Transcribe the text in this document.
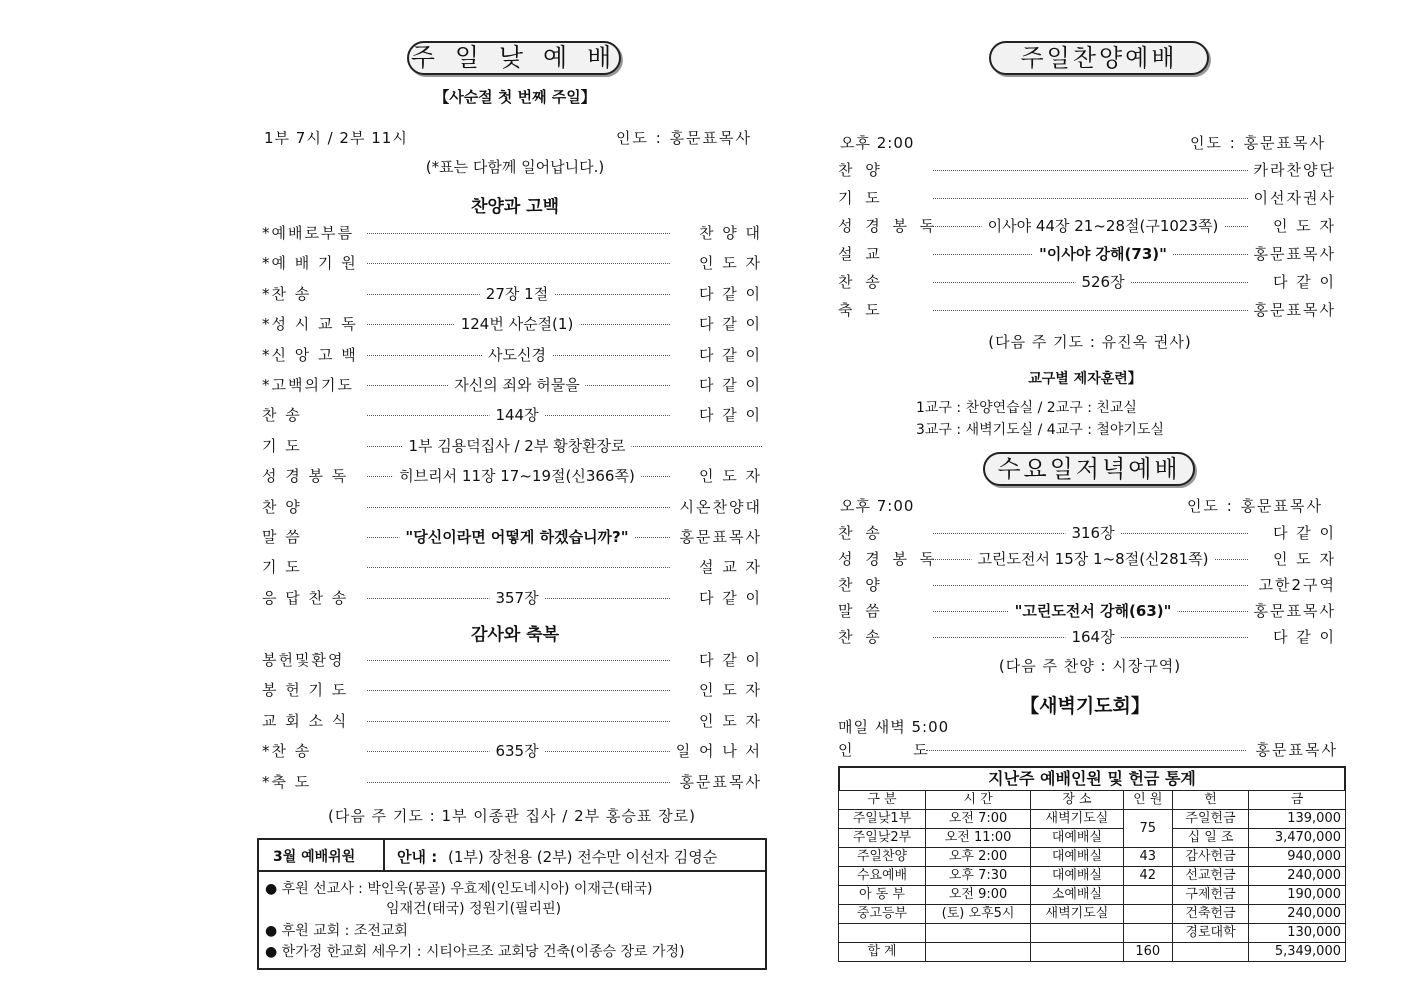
주 일 낮 예 배
【사순절 첫 번째 주일】
1부 7시 / 2부 11시	인도 : 홍문표목사
(*표는 다함께 일어납니다.)
찬양과 고백
*예배로부름	찬 양 대
*예 배 기 원	인 도 자
*찬 송	27장 1절	다 같 이
*성 시 교 독	124번 사순절(1)	다 같 이
*신 앙 고 백	사도신경	다 같 이
*고백의기도	자신의 죄와 허물을	다 같 이
찬 송	144장	다 같 이
기 도	1부 김용덕집사 / 2부 황창환장로
성 경 봉 독	히브리서 11장 17~19절(신366쪽)	인 도 자
찬 양	시온찬양대
말 씀	"당신이라면 어떻게 하겠습니까?"	홍문표목사
기 도	설 교 자
응 답 찬 송	357장	다 같 이
감사와 축복
봉헌및환영	다 같 이
봉 헌 기 도	인 도 자
교 회 소 식	인 도 자
*찬 송	635장	일 어 나 서
*축 도	홍문표목사
(다음 주 기도 : 1부 이종관 집사 / 2부 홍승표 장로)
3월 예배위원	안내 : (1부) 장천용 (2부) 전수만 이선자 김영순
● 후원 선교사 : 박인욱(몽골) 우효제(인도네시아) 이재근(태국)
임재건(태국) 정원기(필리핀)
● 후원 교회 : 조전교회
● 한가정 한교회 세우기 : 시티아르조 교회당 건축(이종승 장로 가정)
주일찬양예배
오후 2:00	인도 : 홍문표목사
찬 양	카라찬양단
기 도	이선자권사
성 경 봉 독	이사야 44장 21~28절(구1023쪽)	인 도 자
설 교	"이사야 강해(73)"	홍문표목사
찬 송	526장	다 같 이
축 도	홍문표목사
(다음 주 기도 : 유진옥 권사)
교구별 제자훈련】
1교구 : 찬양연습실 / 2교구 : 친교실
3교구 : 새벽기도실 / 4교구 : 철야기도실
수요일저녁예배
오후 7:00	인도 : 홍문표목사
찬 송	316장	다 같 이
성 경 봉 독	고린도전서 15장 1~8절(신281쪽)	인 도 자
찬 양	고한2구역
말 씀	"고린도전서 강해(63)"	홍문표목사
찬 송	164장	다 같 이
(다음 주 찬양 : 시장구역)
【새벽기도회】
매일 새벽 5:00
인 도	홍문표목사
지난주 예배인원 및 헌금 통계
구 분	시 간	장 소	인 원	헌	금
주일낮1부	오전 7:00	새벽기도실	75	주일헌금	139,000
주일낮2부	오전 11:00	대예배실		십 일 조	3,470,000
주일찬양	오후 2:00	대예배실	43	감사헌금	940,000
수요예배	오후 7:30	대예배실	42	선교헌금	240,000
아 동 부	오전 9:00	소예배실		구제헌금	190,000
중고등부	(토) 오후5시	새벽기도실		건축헌금	240,000
				경로대학	130,000
합 계			160		5,349,000
